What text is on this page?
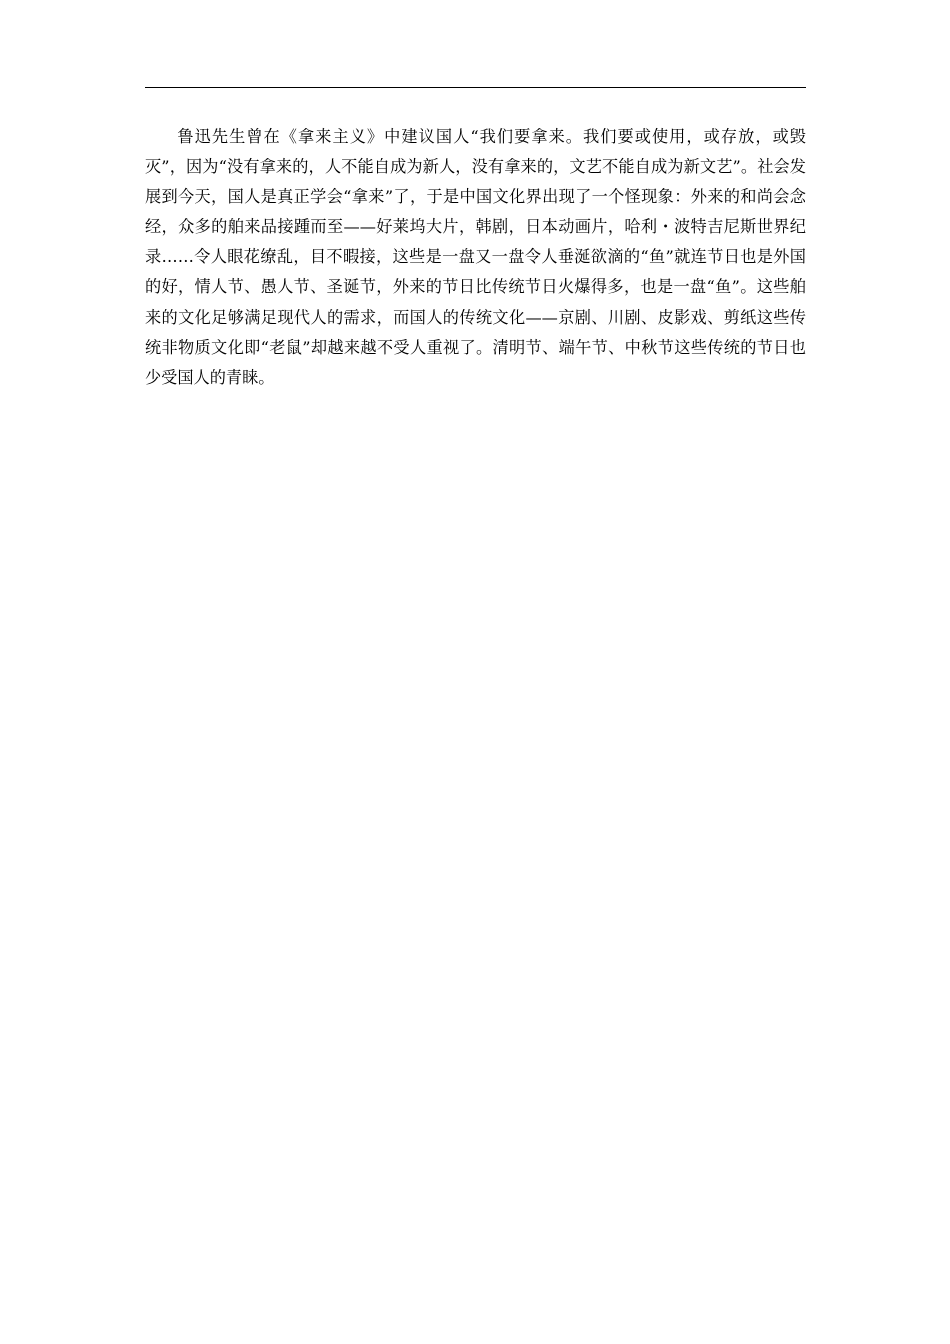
鲁迅先生曾在《拿来主义》中建议国人“我们要拿来。我们要或使用，或存放，或毁灭”，因为“没有拿来的，人不能自成为新人，没有拿来的，文艺不能自成为新文艺”。社会发展到今天，国人是真正学会“拿来”了，于是中国文化界出现了一个怪现象：外来的和尚会念经，众多的舶来品接踵而至——好莱坞大片，韩剧，日本动画片，哈利・波特吉尼斯世界纪录……令人眼花缭乱，目不暇接，这些是一盘又一盘令人垂涎欲滴的“鱼”就连节日也是外国的好，情人节、愚人节、圣诞节，外来的节日比传统节日火爆得多，也是一盘“鱼”。这些舶来的文化足够满足现代人的需求，而国人的传统文化——京剧、川剧、皮影戏、剪纸这些传统非物质文化即“老鼠”却越来越不受人重视了。清明节、端午节、中秋节这些传统的节日也少受国人的青睐。
